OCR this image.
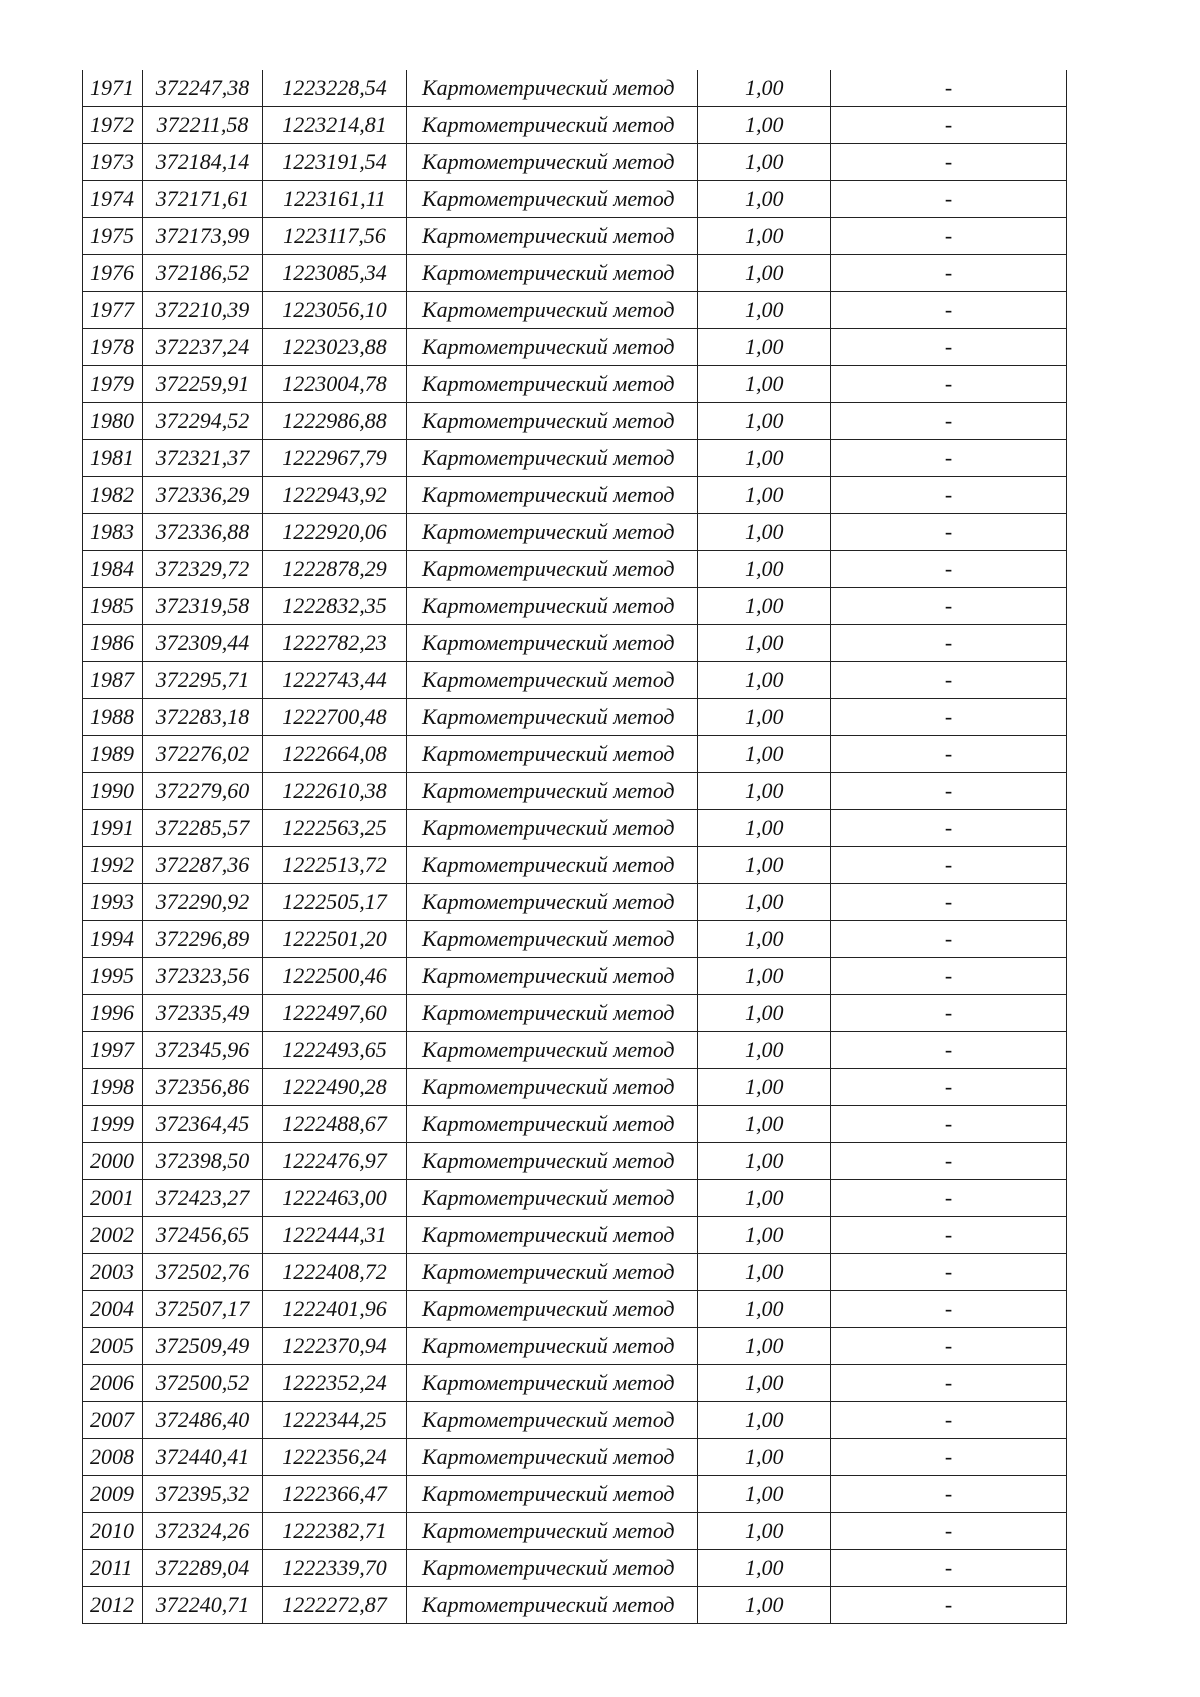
1971	372247,38	1223228,54	Картометрический метод	1,00	-
1972	372211,58	1223214,81	Картометрический метод	1,00	-
1973	372184,14	1223191,54	Картометрический метод	1,00	-
1974	372171,61	1223161,11	Картометрический метод	1,00	-
1975	372173,99	1223117,56	Картометрический метод	1,00	-
1976	372186,52	1223085,34	Картометрический метод	1,00	-
1977	372210,39	1223056,10	Картометрический метод	1,00	-
1978	372237,24	1223023,88	Картометрический метод	1,00	-
1979	372259,91	1223004,78	Картометрический метод	1,00	-
1980	372294,52	1222986,88	Картометрический метод	1,00	-
1981	372321,37	1222967,79	Картометрический метод	1,00	-
1982	372336,29	1222943,92	Картометрический метод	1,00	-
1983	372336,88	1222920,06	Картометрический метод	1,00	-
1984	372329,72	1222878,29	Картометрический метод	1,00	-
1985	372319,58	1222832,35	Картометрический метод	1,00	-
1986	372309,44	1222782,23	Картометрический метод	1,00	-
1987	372295,71	1222743,44	Картометрический метод	1,00	-
1988	372283,18	1222700,48	Картометрический метод	1,00	-
1989	372276,02	1222664,08	Картометрический метод	1,00	-
1990	372279,60	1222610,38	Картометрический метод	1,00	-
1991	372285,57	1222563,25	Картометрический метод	1,00	-
1992	372287,36	1222513,72	Картометрический метод	1,00	-
1993	372290,92	1222505,17	Картометрический метод	1,00	-
1994	372296,89	1222501,20	Картометрический метод	1,00	-
1995	372323,56	1222500,46	Картометрический метод	1,00	-
1996	372335,49	1222497,60	Картометрический метод	1,00	-
1997	372345,96	1222493,65	Картометрический метод	1,00	-
1998	372356,86	1222490,28	Картометрический метод	1,00	-
1999	372364,45	1222488,67	Картометрический метод	1,00	-
2000	372398,50	1222476,97	Картометрический метод	1,00	-
2001	372423,27	1222463,00	Картометрический метод	1,00	-
2002	372456,65	1222444,31	Картометрический метод	1,00	-
2003	372502,76	1222408,72	Картометрический метод	1,00	-
2004	372507,17	1222401,96	Картометрический метод	1,00	-
2005	372509,49	1222370,94	Картометрический метод	1,00	-
2006	372500,52	1222352,24	Картометрический метод	1,00	-
2007	372486,40	1222344,25	Картометрический метод	1,00	-
2008	372440,41	1222356,24	Картометрический метод	1,00	-
2009	372395,32	1222366,47	Картометрический метод	1,00	-
2010	372324,26	1222382,71	Картометрический метод	1,00	-
2011	372289,04	1222339,70	Картометрический метод	1,00	-
2012	372240,71	1222272,87	Картометрический метод	1,00	-
